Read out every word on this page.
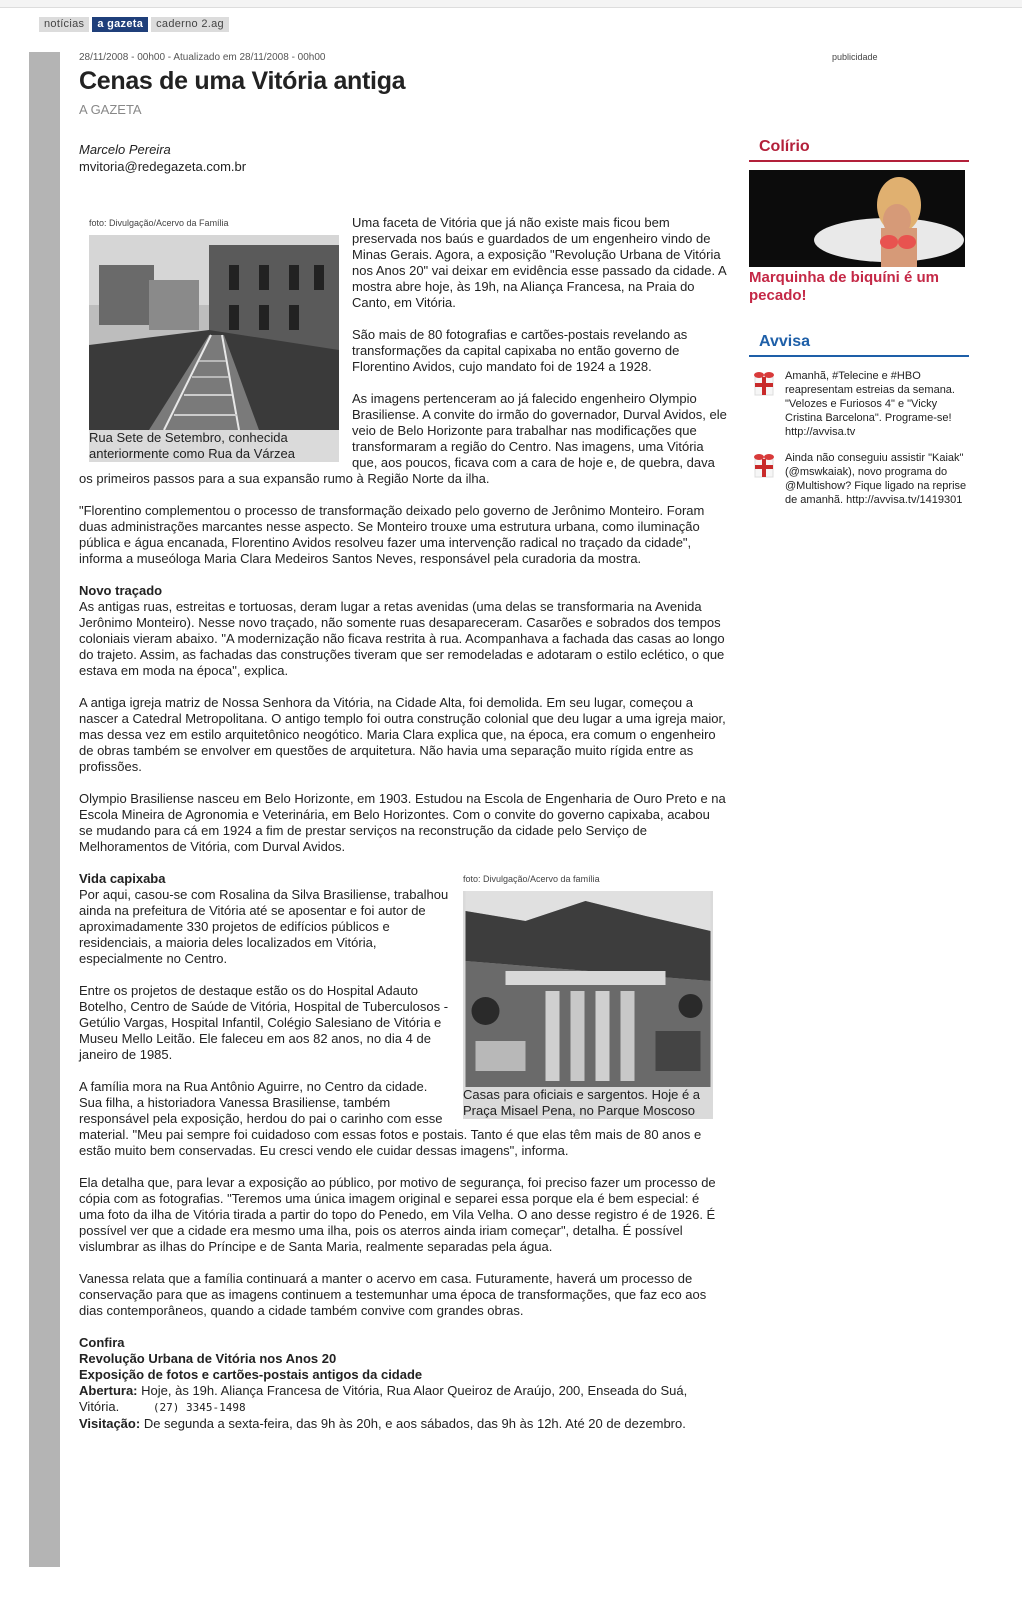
notícias	a gazeta	caderno 2.ag
publicidade
28/11/2008 - 00h00 - Atualizado em 28/11/2008 - 00h00
Cenas de uma Vitória antiga
A GAZETA
Marcelo Pereira
mvitoria@redegazeta.com.br
foto: Divulgação/Acervo da Família
Rua Sete de Setembro, conhecida anteriormente como Rua da Várzea

Uma faceta de Vitória que já não existe mais ficou bem preservada nos baús e guardados de um engenheiro vindo de Minas Gerais. Agora, a exposição "Revolução Urbana de Vitória nos Anos 20" vai deixar em evidência esse passado da cidade. A mostra abre hoje, às 19h, na Aliança Francesa, na Praia do Canto, em Vitória.

São mais de 80 fotografias e cartões-postais revelando as transformações da capital capixaba no então governo de Florentino Avidos, cujo mandato foi de 1924 a 1928.

As imagens pertenceram ao já falecido engenheiro Olympio Brasiliense. A convite do irmão do governador, Durval Avidos, ele veio de Belo Horizonte para trabalhar nas modificações que transformaram a região do Centro. Nas imagens, uma Vitória que, aos poucos, ficava com a cara de hoje e, de quebra, dava os primeiros passos para a sua expansão rumo à Região Norte da ilha.

"Florentino complementou o processo de transformação deixado pelo governo de Jerônimo Monteiro. Foram duas administrações marcantes nesse aspecto. Se Monteiro trouxe uma estrutura urbana, como iluminação pública e água encanada, Florentino Avidos resolveu fazer uma intervenção radical no traçado da cidade", informa a museóloga Maria Clara Medeiros Santos Neves, responsável pela curadoria da mostra.

Novo traçado

As antigas ruas, estreitas e tortuosas, deram lugar a retas avenidas (uma delas se transformaria na Avenida Jerônimo Monteiro). Nesse novo traçado, não somente ruas desapareceram. Casarões e sobrados dos tempos coloniais vieram abaixo. "A modernização não ficava restrita à rua. Acompanhava a fachada das casas ao longo do trajeto. Assim, as fachadas das construções tiveram que ser remodeladas e adotaram o estilo eclético, o que estava em moda na época", explica.

A antiga igreja matriz de Nossa Senhora da Vitória, na Cidade Alta, foi demolida. Em seu lugar, começou a nascer a Catedral Metropolitana. O antigo templo foi outra construção colonial que deu lugar a uma igreja maior, mas dessa vez em estilo arquitetônico neogótico. Maria Clara explica que, na época, era comum o engenheiro de obras também se envolver em questões de arquitetura. Não havia uma separação muito rígida entre as profissões.

Olympio Brasiliense nasceu em Belo Horizonte, em 1903. Estudou na Escola de Engenharia de Ouro Preto e na Escola Mineira de Agronomia e Veterinária, em Belo Horizontes. Com o convite do governo capixaba, acabou se mudando para cá em 1924 a fim de prestar serviços na reconstrução da cidade pelo Serviço de Melhoramentos de Vitória, com Durval Avidos.

foto: Divulgação/Acervo da família
Casas para oficiais e sargentos. Hoje é a Praça Misael Pena, no Parque Moscoso
Vida capixaba

Por aqui, casou-se com Rosalina da Silva Brasiliense, trabalhou ainda na prefeitura de Vitória até se aposentar e foi autor de aproximadamente 330 projetos de edifícios públicos e residenciais, a maioria deles localizados em Vitória, especialmente no Centro.

Entre os projetos de destaque estão os do Hospital Adauto Botelho, Centro de Saúde de Vitória, Hospital de Tuberculosos - Getúlio Vargas, Hospital Infantil, Colégio Salesiano de Vitória e Museu Mello Leitão. Ele faleceu em aos 82 anos, no dia 4 de janeiro de 1985.

A família mora na Rua Antônio Aguirre, no Centro da cidade. Sua filha, a historiadora Vanessa Brasiliense, também responsável pela exposição, herdou do pai o carinho com esse material. "Meu pai sempre foi cuidadoso com essas fotos e postais. Tanto é que elas têm mais de 80 anos e estão muito bem conservadas. Eu cresci vendo ele cuidar dessas imagens", informa.

Ela detalha que, para levar a exposição ao público, por motivo de segurança, foi preciso fazer um processo de cópia com as fotografias. "Teremos uma única imagem original e separei essa porque ela é bem especial: é uma foto da ilha de Vitória tirada a partir do topo do Penedo, em Vila Velha. O ano desse registro é de 1926. É possível ver que a cidade era mesmo uma ilha, pois os aterros ainda iriam começar", detalha. É possível vislumbrar as ilhas do Príncipe e de Santa Maria, realmente separadas pela água.

Vanessa relata que a família continuará a manter o acervo em casa. Futuramente, haverá um processo de conservação para que as imagens continuem a testemunhar uma época de transformações, que faz eco aos dias contemporâneos, quando a cidade também convive com grandes obras.

Confira
Revolução Urbana de Vitória nos Anos 20
Exposição de fotos e cartões-postais antigos da cidade
Abertura: Hoje, às 19h. Aliança Francesa de Vitória, Rua Alaor Queiroz de Araújo, 200, Enseada do Suá, Vitória.	(27) 3345-1498
Visitação: De segunda a sexta-feira, das 9h às 20h, e aos sábados, das 9h às 12h. Até 20 de dezembro.
Colírio
Marquinha de biquíni é um pecado!
Avvisa
Amanhã, #Telecine e #HBO reapresentam estreias da semana. "Velozes e Furiosos 4" e "Vicky Cristina Barcelona". Programe-se! http://avvisa.tv
Ainda não conseguiu assistir "Kaiak" (@mswkaiak), novo programa do @Multishow? Fique ligado na reprise de amanhã. http://avvisa.tv/1419301
